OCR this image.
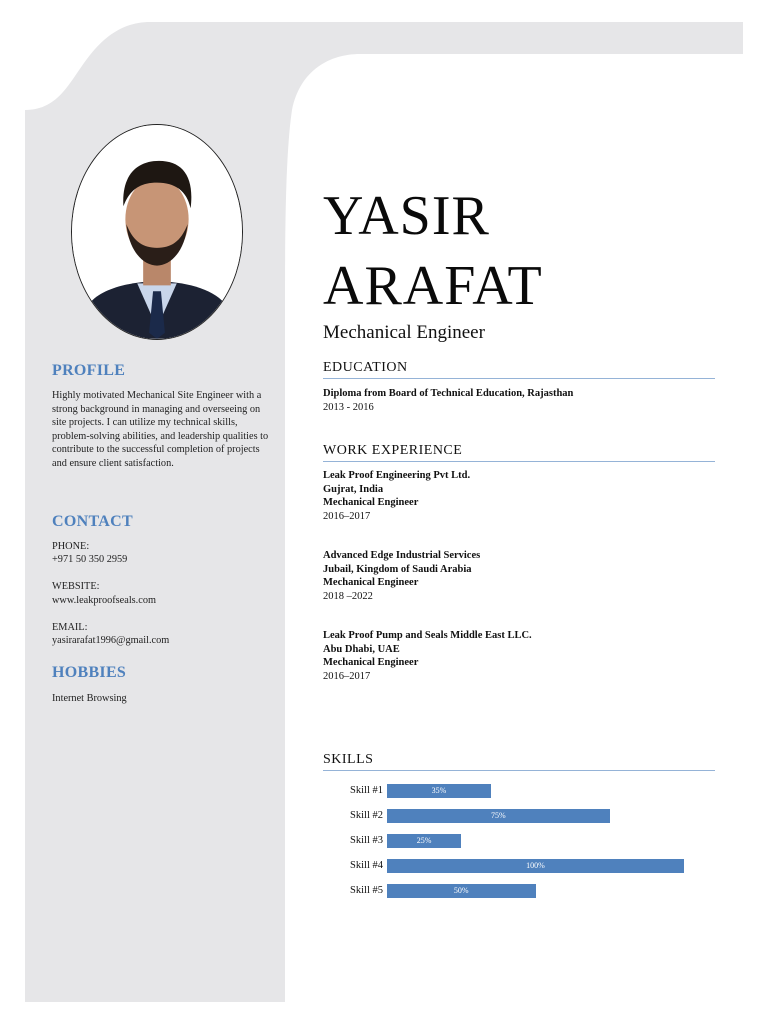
PROFILE
Highly motivated Mechanical Site Engineer with a strong background in managing and overseeing on site projects. I can utilize my technical skills, problem-solving abilities, and leadership qualities to contribute to the successful completion of projects and ensure client satisfaction.
CONTACT
PHONE:
+971 50 350 2959
WEBSITE:
www.leakproofseals.com
EMAIL:
yasirarafat1996@gmail.com
HOBBIES
Internet Browsing
YASIR
ARAFAT
Mechanical Engineer
EDUCATION
Diploma from Board of Technical Education, Rajasthan
2013 - 2016
WORK EXPERIENCE
Leak Proof Engineering Pvt Ltd.
Gujrat, India
Mechanical Engineer
2016–2017
Advanced Edge Industrial Services
Jubail, Kingdom of Saudi Arabia
Mechanical Engineer
2018 –2022
Leak Proof Pump and Seals Middle East LLC.
Abu Dhabi, UAE
Mechanical Engineer
2016–2017
SKILLS
Skill #1	35%
Skill #2	75%
Skill #3	25%
Skill #4	100%
Skill #5	50%
